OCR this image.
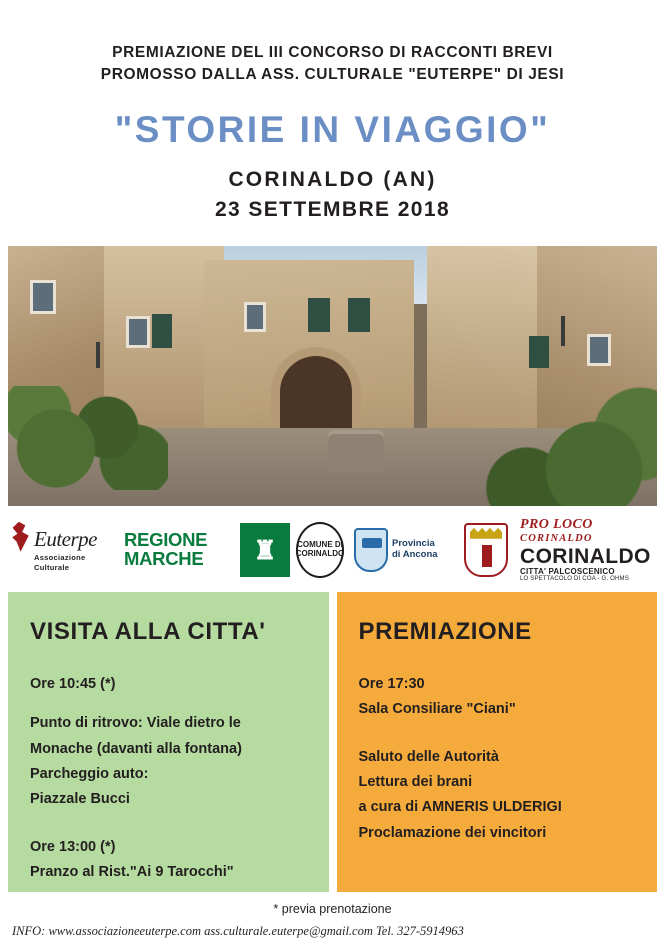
PREMIAZIONE DEL III CONCORSO DI RACCONTI BREVI
PROMOSSO DALLA ASS. CULTURALE "EUTERPE" DI JESI
"STORIE IN VIAGGIO"
CORINALDO (AN)
23 SETTEMBRE 2018
Euterpe
Associazione
Culturale
REGIONE
MARCHE ♜	COMUNE DI CORINALDO
Provincia
di Ancona
PRO LOCO
CORINALDO
CORINALDO
CITTA' PALCOSCENICO
LO SPETTACOLO DI COA - G. OHMS
VISITA ALLA CITTA'
Ore 10:45 (*)
Punto di ritrovo: Viale dietro le
Monache (davanti alla fontana)
Parcheggio auto:
Piazzale Bucci
Ore 13:00 (*)
Pranzo al Rist."Ai 9 Tarocchi"
PREMIAZIONE
Ore 17:30
Sala Consiliare "Ciani"
Saluto delle Autorità
Lettura dei brani
a cura di AMNERIS ULDERIGI
Proclamazione dei vincitori
* previa prenotazione
INFO: www.associazioneeuterpe.com ass.culturale.euterpe@gmail.com Tel. 327-5914963
